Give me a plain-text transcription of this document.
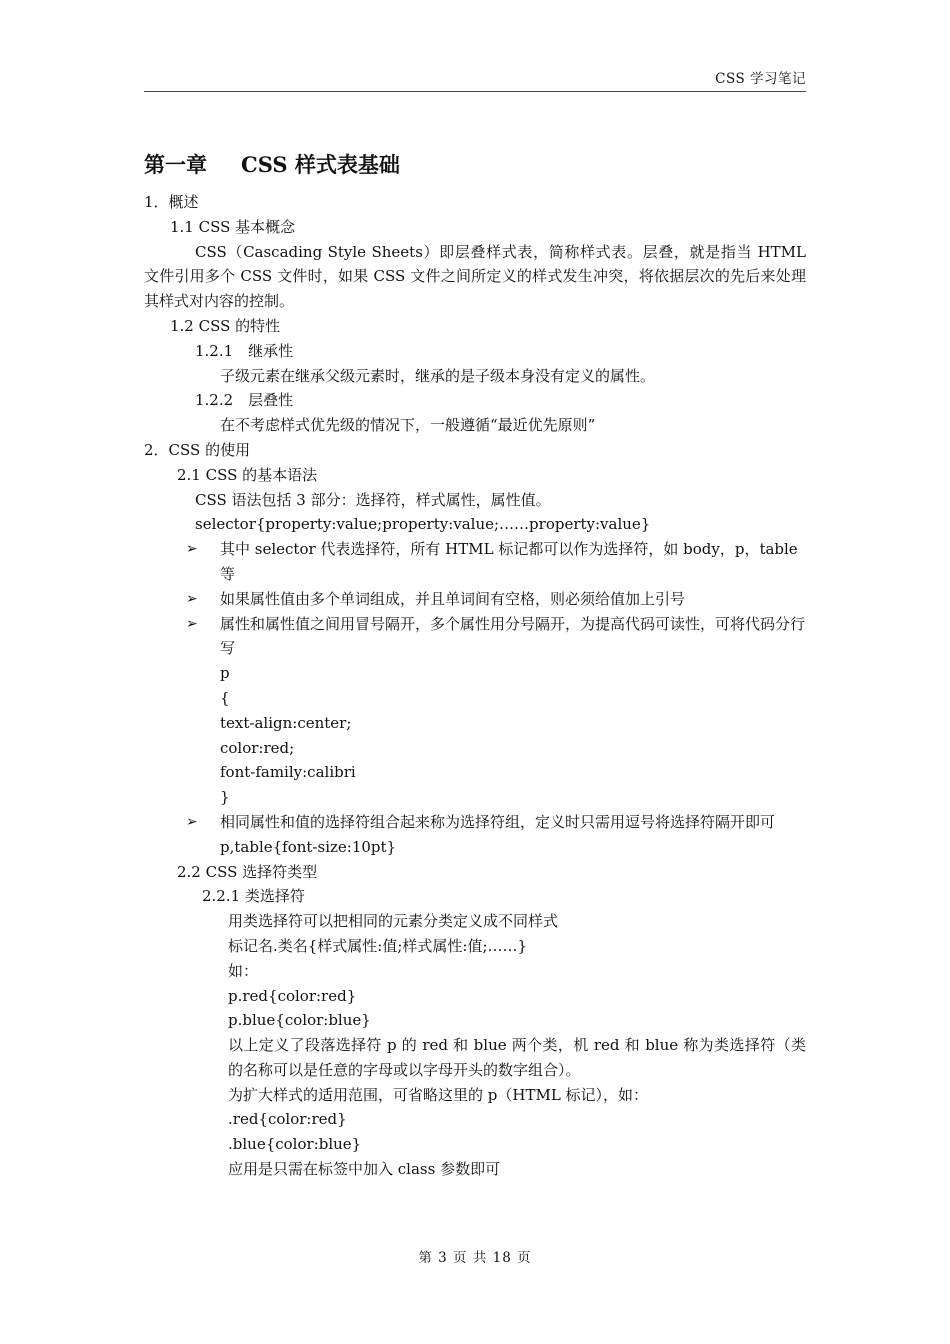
CSS 学习笔记
第一章 CSS 样式表基础
1．概述
1.1 CSS 基本概念
CSS（Cascading Style Sheets）即层叠样式表，简称样式表。层叠，就是指当 HTML 文件引用多个 CSS 文件时，如果 CSS 文件之间所定义的样式发生冲突，将依据层次的先后来处理其样式对内容的控制。
1.2 CSS 的特性
1.2.1　继承性
子级元素在继承父级元素时，继承的是子级本身没有定义的属性。
1.2.2　层叠性
在不考虑样式优先级的情况下，一般遵循“最近优先原则”
2．CSS 的使用
2.1 CSS 的基本语法
CSS 语法包括 3 部分：选择符，样式属性，属性值。
selector{property:value;property:value;……property:value}
➢ 其中 selector 代表选择符，所有 HTML 标记都可以作为选择符，如 body，p，table 等
➢ 如果属性值由多个单词组成，并且单词间有空格，则必须给值加上引号
➢ 属性和属性值之间用冒号隔开，多个属性用分号隔开，为提高代码可读性，可将代码分行写
p
{
text-align:center;
color:red;
font-family:calibri
}
➢ 相同属性和值的选择符组合起来称为选择符组，定义时只需用逗号将选择符隔开即可
p,table{font-size:10pt}
2.2 CSS 选择符类型
2.2.1 类选择符
用类选择符可以把相同的元素分类定义成不同样式
标记名.类名{样式属性:值;样式属性:值;……}
如：
p.red{color:red}
p.blue{color:blue}
以上定义了段落选择符 p 的 red 和 blue 两个类，机 red 和 blue 称为类选择符（类的名称可以是任意的字母或以字母开头的数字组合）。
为扩大样式的适用范围，可省略这里的 p（HTML 标记），如：
.red{color:red}
.blue{color:blue}
应用是只需在标签中加入 class 参数即可
第 3 页 共 18 页
